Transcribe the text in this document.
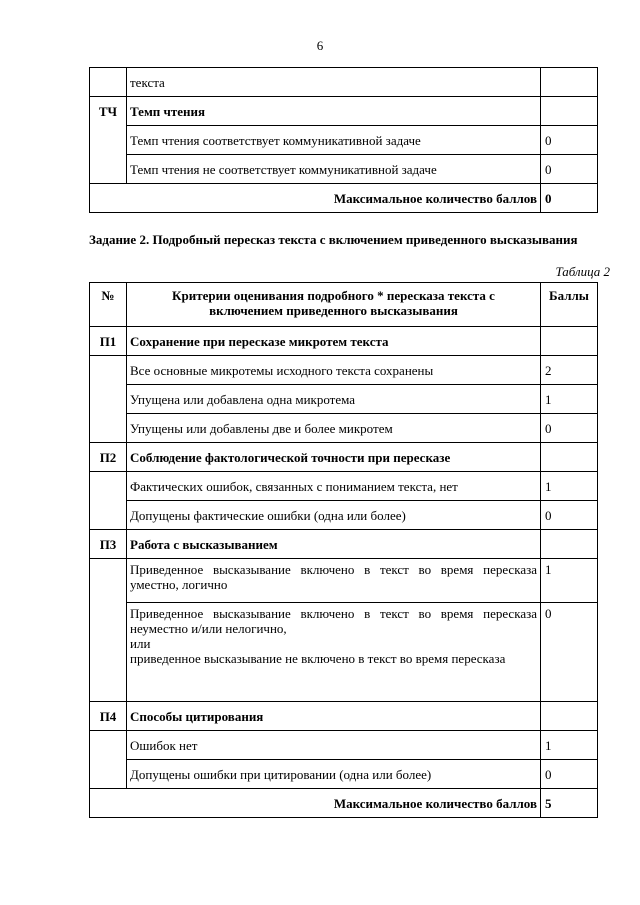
6
	текста	
ТЧ	Темп чтения	
	Темп чтения соответствует коммуникативной задаче	0
	Темп чтения не соответствует коммуникативной задаче	0
Максимальное количество баллов		0

Задание 2. Подробный пересказ текста с включением приведенного высказывания

Таблица 2
№	Критерии оценивания подробного * пересказа текста с включением приведенного высказывания	Баллы
П1	Сохранение при пересказе микротем текста	
	Все основные микротемы исходного текста сохранены	2
	Упущена или добавлена одна микротема	1
	Упущены или добавлены две и более микротем	0
П2	Соблюдение фактологической точности при пересказе	
	Фактических ошибок, связанных с пониманием текста, нет	1
	Допущены фактические ошибки (одна или более)	0
П3	Работа с высказыванием	
	Приведенное высказывание включено в текст во время пересказа уместно, логично	1

	Приведенное высказывание включено в текст во время пересказа неуместно и/или нелогично,
или
приведенное высказывание не включено в текст во время пересказа	0
П4	Способы цитирования	
	Ошибок нет	1
	Допущены ошибки при цитировании (одна или более)	0
Максимальное количество баллов		5
